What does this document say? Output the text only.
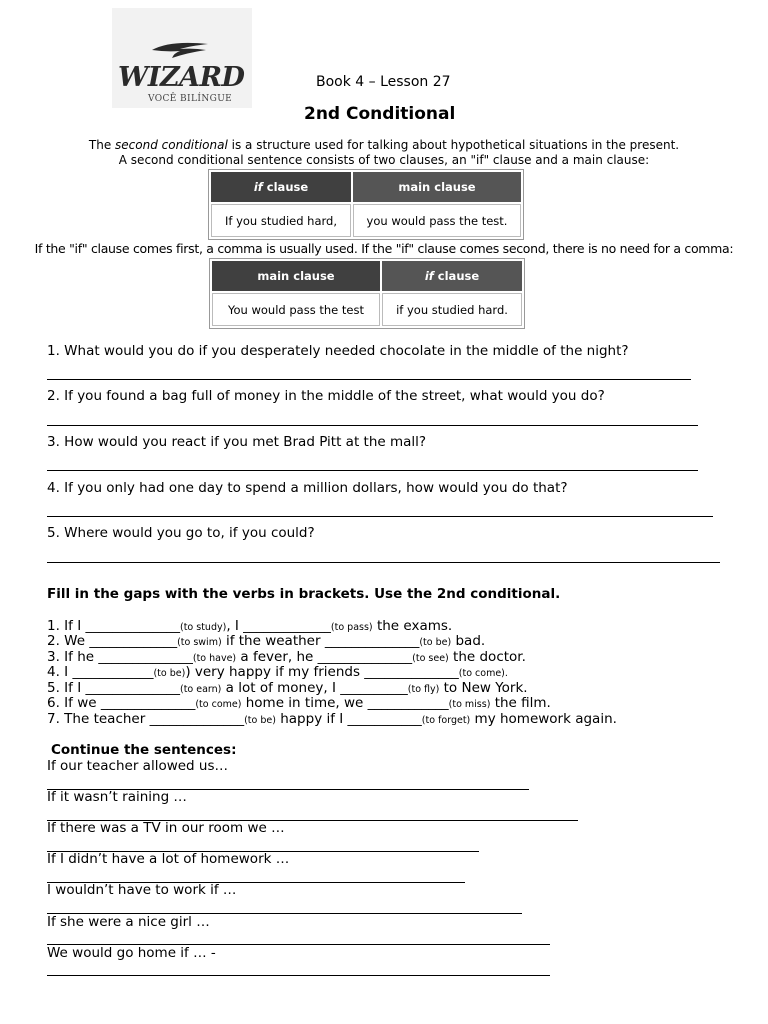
WIZARD
VOCÊ BILÍNGUE
Book 4 – Lesson 27
2nd Conditional
The second conditional is a structure used for talking about hypothetical situations in the present.
A second conditional sentence consists of two clauses, an "if" clause and a main clause:
if clause	main clause
If you studied hard,	you would pass the test.
If the "if" clause comes first, a comma is usually used. If the "if" clause comes second, there is no need for a comma:
main clause	if clause
You would pass the test	if you studied hard.
1. What would you do if you desperately needed chocolate in the middle of the night?
2. If you found a bag full of money in the middle of the street, what would you do?
3. How would you react if you met Brad Pitt at the mall?
4. If you only had one day to spend a million dollars, how would you do that?
5. Where would you go to, if you could?
Fill in the gaps with the verbs in brackets. Use the 2nd conditional.
1. If I ______________(to study), I _____________(to pass) the exams.
2. We _____________(to swim) if the weather ______________(to be) bad.
3. If he ______________(to have) a fever, he ______________(to see) the doctor.
4. I ____________(to be)) very happy if my friends ______________(to come).
5. If I ______________(to earn) a lot of money, I __________(to fly) to New York.
6. If we ______________(to come) home in time, we ____________(to miss) the film.
7. The teacher ______________(to be) happy if I ___________(to forget) my homework again.
Continue the sentences:
If our teacher allowed us…
If it wasn’t raining …
If there was a TV in our room we …
If I didn’t have a lot of homework …
I wouldn’t have to work if …
If she were a nice girl …
We would go home if … -
